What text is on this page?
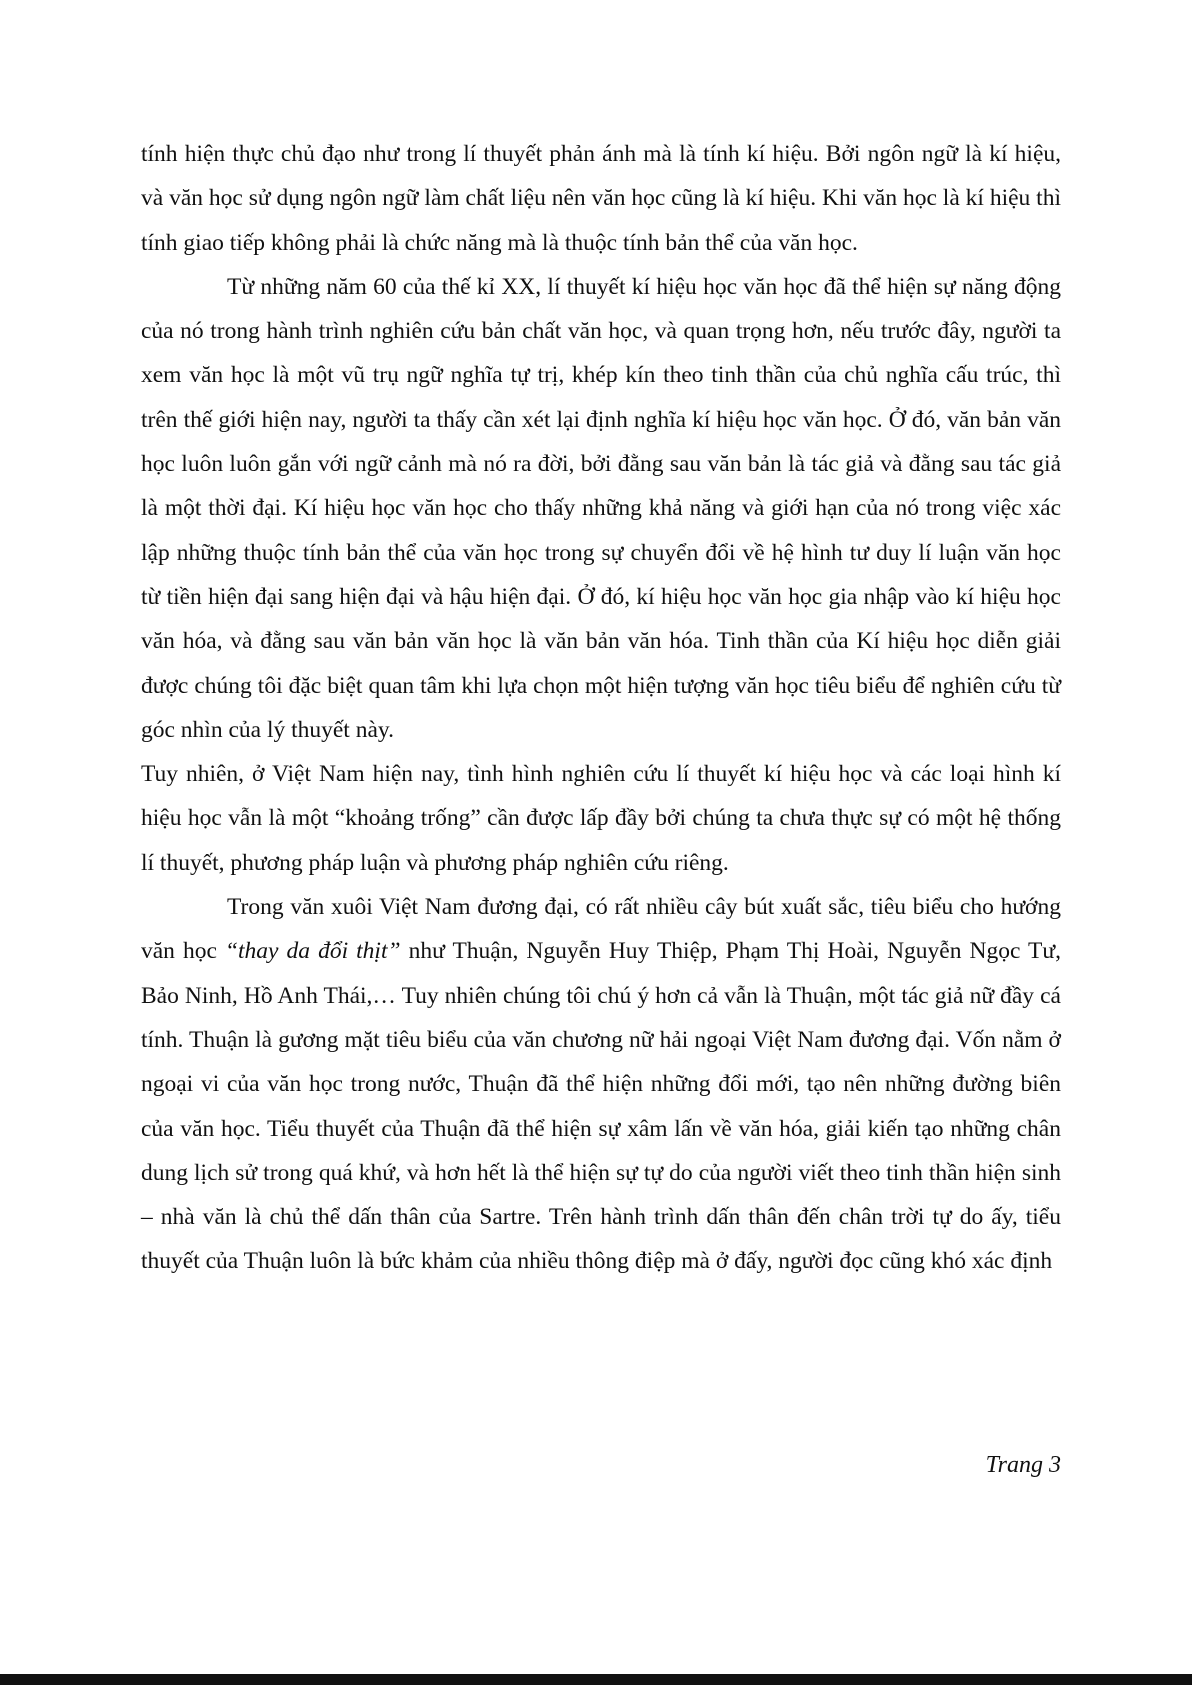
tính hiện thực chủ đạo như trong lí thuyết phản ánh mà là tính kí hiệu. Bởi ngôn ngữ là kí hiệu, và văn học sử dụng ngôn ngữ làm chất liệu nên văn học cũng là kí hiệu. Khi văn học là kí hiệu thì tính giao tiếp không phải là chức năng mà là thuộc tính bản thể của văn học.

Từ những năm 60 của thế kỉ XX, lí thuyết kí hiệu học văn học đã thể hiện sự năng động của nó trong hành trình nghiên cứu bản chất văn học, và quan trọng hơn, nếu trước đây, người ta xem văn học là một vũ trụ ngữ nghĩa tự trị, khép kín theo tinh thần của chủ nghĩa cấu trúc, thì trên thế giới hiện nay, người ta thấy cần xét lại định nghĩa kí hiệu học văn học. Ở đó, văn bản văn học luôn luôn gắn với ngữ cảnh mà nó ra đời, bởi đằng sau văn bản là tác giả và đằng sau tác giả là một thời đại. Kí hiệu học văn học cho thấy những khả năng và giới hạn của nó trong việc xác lập những thuộc tính bản thể của văn học trong sự chuyển đổi về hệ hình tư duy lí luận văn học từ tiền hiện đại sang hiện đại và hậu hiện đại. Ở đó, kí hiệu học văn học gia nhập vào kí hiệu học văn hóa, và đằng sau văn bản văn học là văn bản văn hóa. Tinh thần của Kí hiệu học diễn giải được chúng tôi đặc biệt quan tâm khi lựa chọn một hiện tượng văn học tiêu biểu để nghiên cứu từ góc nhìn của lý thuyết này.

Tuy nhiên, ở Việt Nam hiện nay, tình hình nghiên cứu lí thuyết kí hiệu học và các loại hình kí hiệu học vẫn là một “khoảng trống” cần được lấp đầy bởi chúng ta chưa thực sự có một hệ thống lí thuyết, phương pháp luận và phương pháp nghiên cứu riêng.

Trong văn xuôi Việt Nam đương đại, có rất nhiều cây bút xuất sắc, tiêu biểu cho hướng văn học “thay da đổi thịt” như Thuận, Nguyễn Huy Thiệp, Phạm Thị Hoài, Nguyễn Ngọc Tư, Bảo Ninh, Hồ Anh Thái,… Tuy nhiên chúng tôi chú ý hơn cả vẫn là Thuận, một tác giả nữ đầy cá tính. Thuận là gương mặt tiêu biểu của văn chương nữ hải ngoại Việt Nam đương đại. Vốn nằm ở ngoại vi của văn học trong nước, Thuận đã thể hiện những đổi mới, tạo nên những đường biên của văn học. Tiểu thuyết của Thuận đã thể hiện sự xâm lấn về văn hóa, giải kiến tạo những chân dung lịch sử trong quá khứ, và hơn hết là thể hiện sự tự do của người viết theo tinh thần hiện sinh – nhà văn là chủ thể dấn thân của Sartre. Trên hành trình dấn thân đến chân trời tự do ấy, tiểu thuyết của Thuận luôn là bức khảm của nhiều thông điệp mà ở đấy, người đọc cũng khó xác định

Trang 3
